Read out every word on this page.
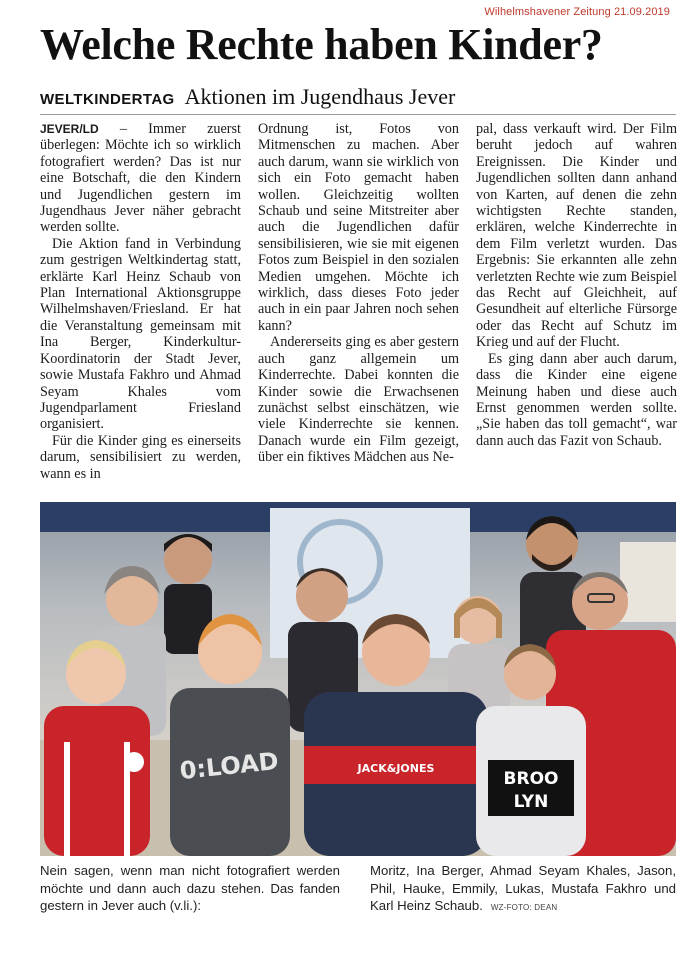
Wilhelmshavener Zeitung 21.09.2019
Welche Rechte haben Kinder?
WELTKINDERTAG Aktionen im Jugendhaus Jever

JEVER/LD – Immer zuerst überlegen: Möchte ich so wirklich fotografiert werden? Das ist nur eine Botschaft, die den Kindern und Jugendlichen gestern im Jugendhaus Jever näher gebracht werden sollte.

Die Aktion fand in Verbindung zum gestrigen Weltkindertag statt, erklärte Karl Heinz Schaub von Plan International Aktionsgruppe Wilhelmshaven/Friesland. Er hat die Veranstaltung gemeinsam mit Ina Berger, Kinderkultur-Koordinatorin der Stadt Jever, sowie Mustafa Fakhro und Ahmad Seyam Khales vom Jugendparlament Friesland organisiert.

Für die Kinder ging es einerseits darum, sensibilisiert zu werden, wann es in

Ordnung ist, Fotos von Mitmenschen zu machen. Aber auch darum, wann sie wirklich von sich ein Foto gemacht haben wollen. Gleichzeitig wollten Schaub und seine Mitstreiter aber auch die Jugendlichen dafür sensibilisieren, wie sie mit eigenen Fotos zum Beispiel in den sozialen Medien umgehen. Möchte ich wirklich, dass dieses Foto jeder auch in ein paar Jahren noch sehen kann?

Andererseits ging es aber gestern auch ganz allgemein um Kinderrechte. Dabei konnten die Kinder sowie die Erwachsenen zunächst selbst einschätzen, wie viele Kinderrechte sie kennen. Danach wurde ein Film gezeigt, über ein fiktives Mädchen aus Ne-

pal, dass verkauft wird. Der Film beruht jedoch auf wahren Ereignissen. Die Kinder und Jugendlichen sollten dann anhand von Karten, auf denen die zehn wichtigsten Rechte standen, erklären, welche Kinderrechte in dem Film verletzt wurden. Das Ergebnis: Sie erkannten alle zehn verletzten Rechte wie zum Beispiel das Recht auf Gleichheit, auf Gesundheit auf elterliche Fürsorge oder das Recht auf Schutz im Krieg und auf der Flucht.

Es ging dann aber auch darum, dass die Kinder eine eigene Meinung haben und diese auch Ernst genommen werden sollte. „Sie haben das toll gemacht“, war dann auch das Fazit von Schaub.

0:LOAD	JACK&JONES
BROO
LYN
Nein sagen, wenn man nicht fotografiert werden möchte und dann auch dazu stehen. Das fanden gestern in Jever auch (v.li.):
Moritz, Ina Berger, Ahmad Seyam Khales, Jason, Phil, Hauke, Emmily, Lukas, Mustafa Fakhro und Karl Heinz Schaub. WZ-FOTO: DEAN
